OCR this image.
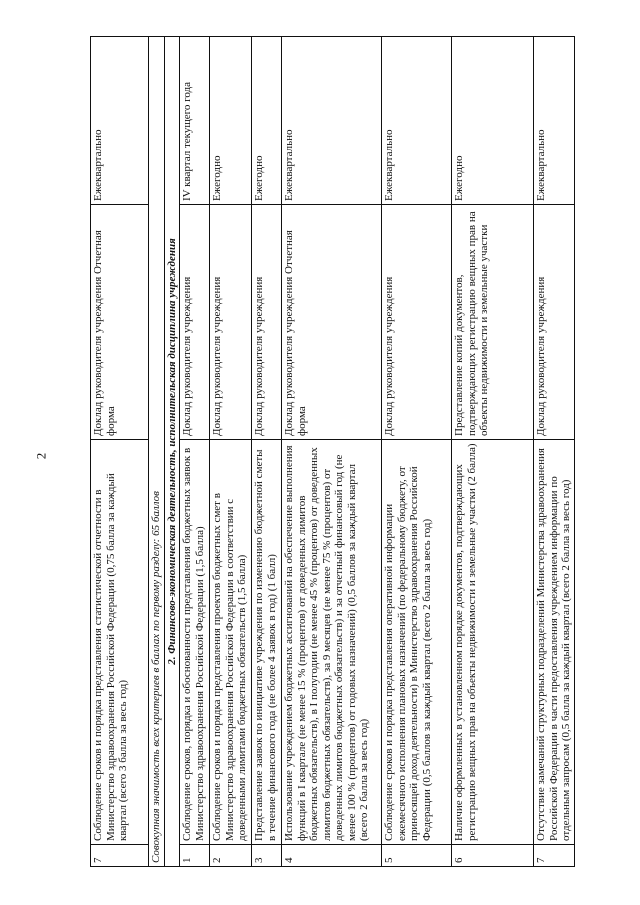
2
7	Соблюдение сроков и порядка представления статистической отчетности в Министерство здравоохранения Российской Федерации (0,75 балла за каждый квартал (всего 3 балла за весь год)	Доклад руководителя учреждения Отчетная форма	Ежеквартально
Совокупная значимость всех критериев в баллах по первому разделу: 65 баллов			
2. Финансово-экономическая деятельность, исполнительская дисциплина учреждения			
1	Соблюдение сроков, порядка и обоснованности представления бюджетных заявок в Министерство здравоохранения Российской Федерации (1,5 балла)	Доклад руководителя учреждения	IV квартал текущего года
2	Соблюдение сроков и порядка представления проектов бюджетных смет в Министерство здравоохранения Российской Федерации в соответствии с доведенными лимитами бюджетных обязательств (1,5 балла)	Доклад руководителя учреждения	Ежегодно
3	Представление заявок по инициативе учреждения по изменению бюджетной сметы в течение финансового года (не более 4 заявок в год) (1 балл)	Доклад руководителя учреждения	Ежегодно
4	Использование учреждением бюджетных ассигнований на обеспечение выполнения функций в I квартале (не менее 15 % (процентов) от доведенных лимитов бюджетных обязательств), в I полугодии (не менее 45 % (процентов) от доведенных лимитов бюджетных обязательств), за 9 месяцев (не менее 75 % (процентов) от доведенных лимитов бюджетных обязательств) и за отчетный финансовый год (не менее 100 % (процентов) от годовых назначений) (0,5 баллов за каждый квартал (всего 2 балла за весь год)	Доклад руководителя учреждения Отчетная форма	Ежеквартально
5	Соблюдение сроков и порядка представления оперативной информации ежемесячного исполнения плановых назначений (по федеральному бюджету, от приносящей доход деятельности) в Министерство здравоохранения Российской Федерации (0,5 баллов за каждый квартал (всего 2 балла за весь год)	Доклад руководителя учреждения	Ежеквартально
6	Наличие оформленных в установленном порядке документов, подтверждающих регистрацию вещных прав на объекты недвижимости и земельные участки (2 балла)	Представление копий документов, подтверждающих регистрацию вещных прав на объекты недвижимости и земельные участки	Ежегодно
7	Отсутствие замечаний структурных подразделений Министерства здравоохранения Российской Федерации в части предоставления учреждением информации по отдельным запросам (0,5 балла за каждый квартал (всего 2 балла за весь год)	Доклад руководителя учреждения	Ежеквартально
